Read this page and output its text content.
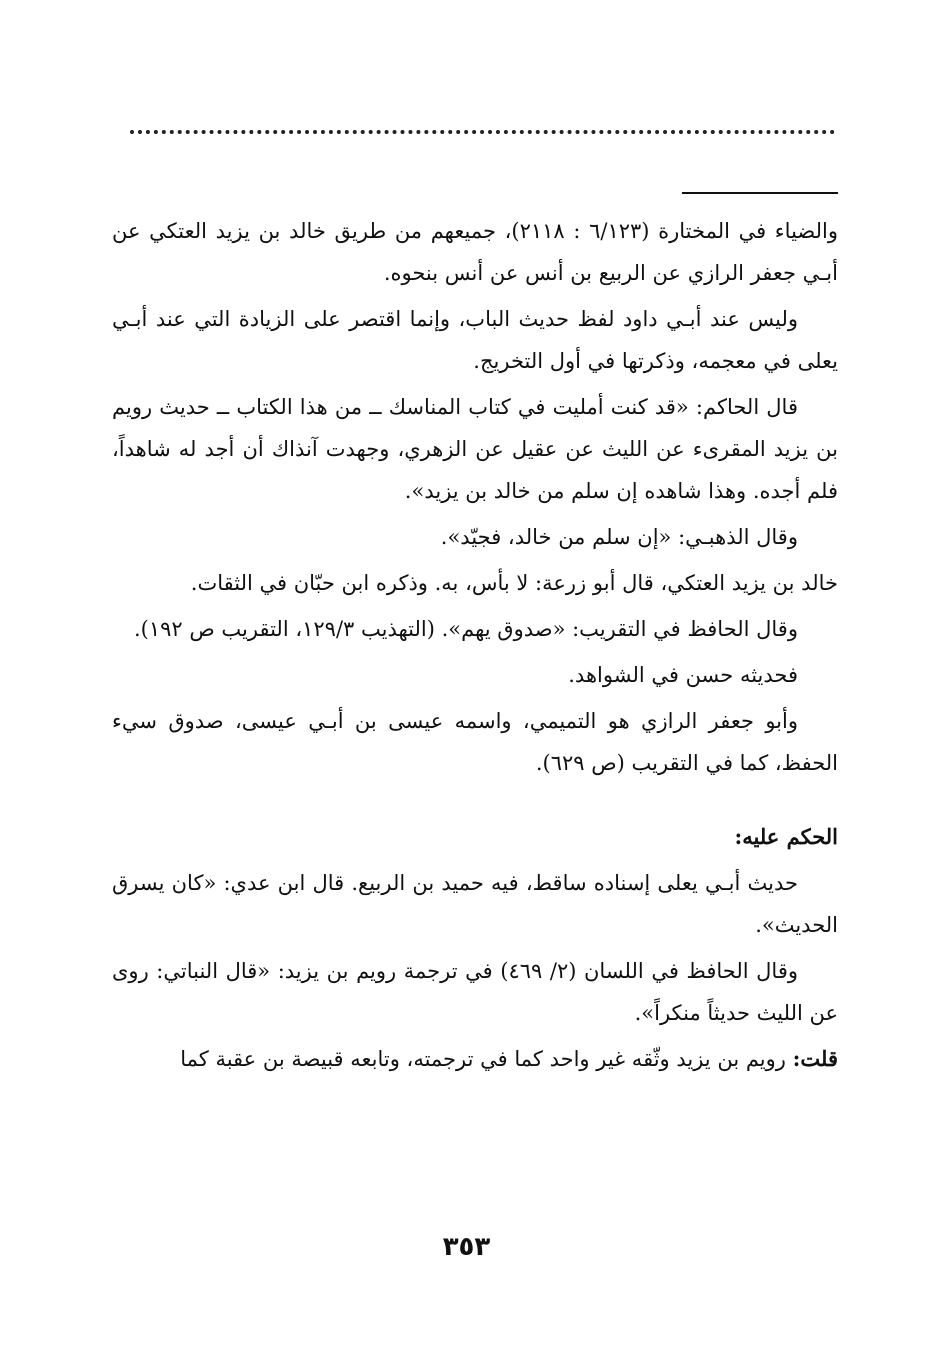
والضياء في المختارة (٦/١٢٣ : ٢١١٨)، جميعهم من طريق خالد بن يزيد العتكي عن أبـي جعفر الرازي عن الربيع بن أنس عن أنس بنحوه.

وليس عند أبـي داود لفظ حديث الباب، وإنما اقتصر على الزيادة التي عند أبـي يعلى في معجمه، وذكرتها في أول التخريج.

قال الحاكم: «قد كنت أمليت في كتاب المناسك ــ من هذا الكتاب ــ حديث رويم بن يزيد المقرىء عن الليث عن عقيل عن الزهري، وجهدت آنذاك أن أجد له شاهداً، فلم أجده. وهذا شاهده إن سلم من خالد بن يزيد».

وقال الذهبـي: «إن سلم من خالد، فجيّد».

خالد بن يزيد العتكي، قال أبو زرعة: لا بأس، به. وذكره ابن حبّان في الثقات.

وقال الحافظ في التقريب: «صدوق يهم». (التهذيب ١٢٩/٣، التقريب ص ١٩٢).

فحديثه حسن في الشواهد.

وأبو جعفر الرازي هو التميمي، واسمه عيسى بن أبـي عيسى، صدوق سيء الحفظ، كما في التقريب (ص ٦٢٩).

الحكم عليه:

حديث أبـي يعلى إسناده ساقط، فيه حميد بن الربيع. قال ابن عدي: «كان يسرق الحديث».

وقال الحافظ في اللسان (٢/ ٤٦٩) في ترجمة رويم بن يزيد: «قال النباتي: روى عن الليث حديثاً منكراً».

قلت: رويم بن يزيد وثّقه غير واحد كما في ترجمته، وتابعه قبيصة بن عقبة كما

٣٥٣
